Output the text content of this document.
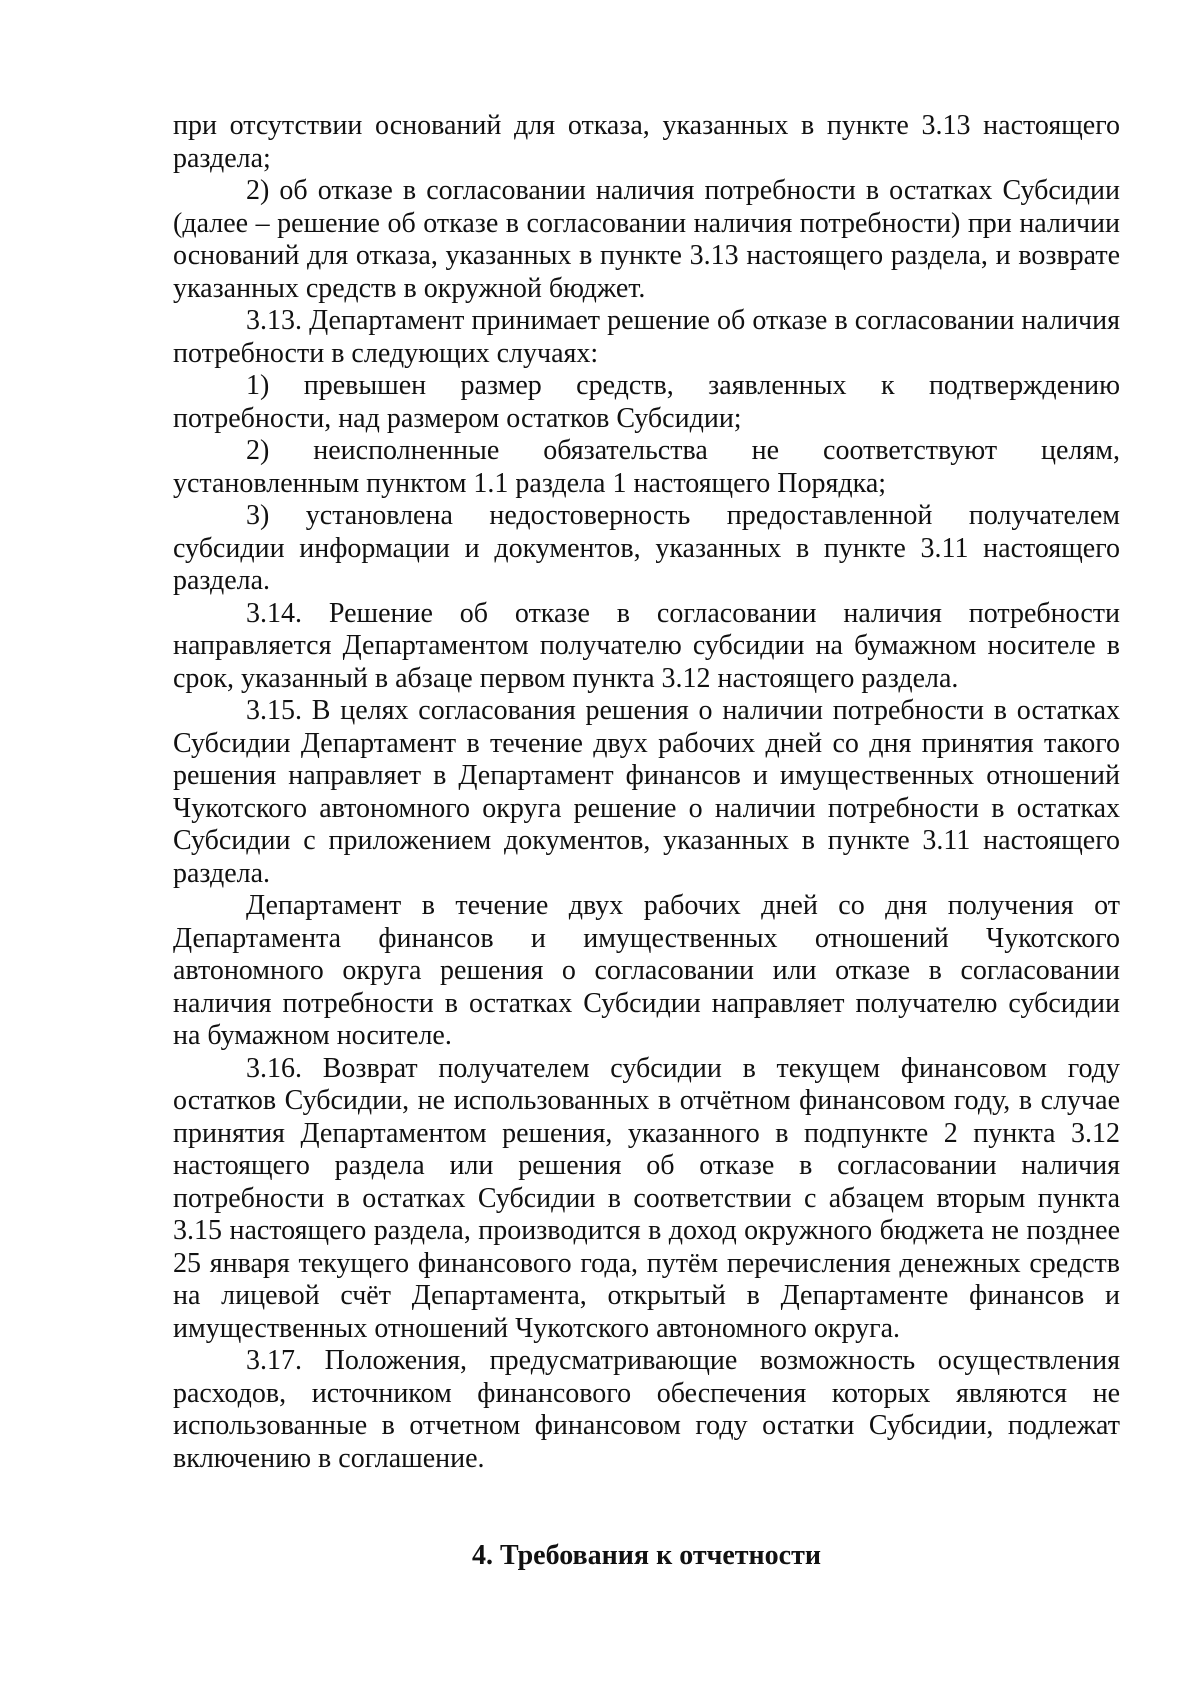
при отсутствии оснований для отказа, указанных в пункте 3.13 настоящего раздела;

2) об отказе в согласовании наличия потребности в остатках Субсидии (далее – решение об отказе в согласовании наличия потребности) при наличии оснований для отказа, указанных в пункте 3.13 настоящего раздела, и возврате указанных средств в окружной бюджет.

3.13. Департамент принимает решение об отказе в согласовании наличия потребности в следующих случаях:

1) превышен размер средств, заявленных к подтверждению потребности, над размером остатков Субсидии;

2) неисполненные обязательства не соответствуют целям, установленным пунктом 1.1 раздела 1 настоящего Порядка;

3) установлена недостоверность предоставленной получателем субсидии информации и документов, указанных в пункте 3.11 настоящего раздела.

3.14. Решение об отказе в согласовании наличия потребности направляется Департаментом получателю субсидии на бумажном носителе в срок, указанный в абзаце первом пункта 3.12 настоящего раздела.

3.15. В целях согласования решения о наличии потребности в остатках Субсидии Департамент в течение двух рабочих дней со дня принятия такого решения направляет в Департамент финансов и имущественных отношений Чукотского автономного округа решение о наличии потребности в остатках Субсидии с приложением документов, указанных в пункте 3.11 настоящего раздела.

Департамент в течение двух рабочих дней со дня получения от Департамента финансов и имущественных отношений Чукотского автономного округа решения о согласовании или отказе в согласовании наличия потребности в остатках Субсидии направляет получателю субсидии на бумажном носителе.

3.16. Возврат получателем субсидии в текущем финансовом году остатков Субсидии, не использованных в отчётном финансовом году, в случае принятия Департаментом решения, указанного в подпункте 2 пункта 3.12 настоящего раздела или решения об отказе в согласовании наличия потребности в остатках Субсидии в соответствии с абзацем вторым пункта 3.15 настоящего раздела, производится в доход окружного бюджета не позднее 25 января текущего финансового года, путём перечисления денежных средств на лицевой счёт Департамента, открытый в Департаменте финансов и имущественных отношений Чукотского автономного округа.

3.17. Положения, предусматривающие возможность осуществления расходов, источником финансового обеспечения которых являются не использованные в отчетном финансовом году остатки Субсидии, подлежат включению в соглашение.

4. Требования к отчетности
